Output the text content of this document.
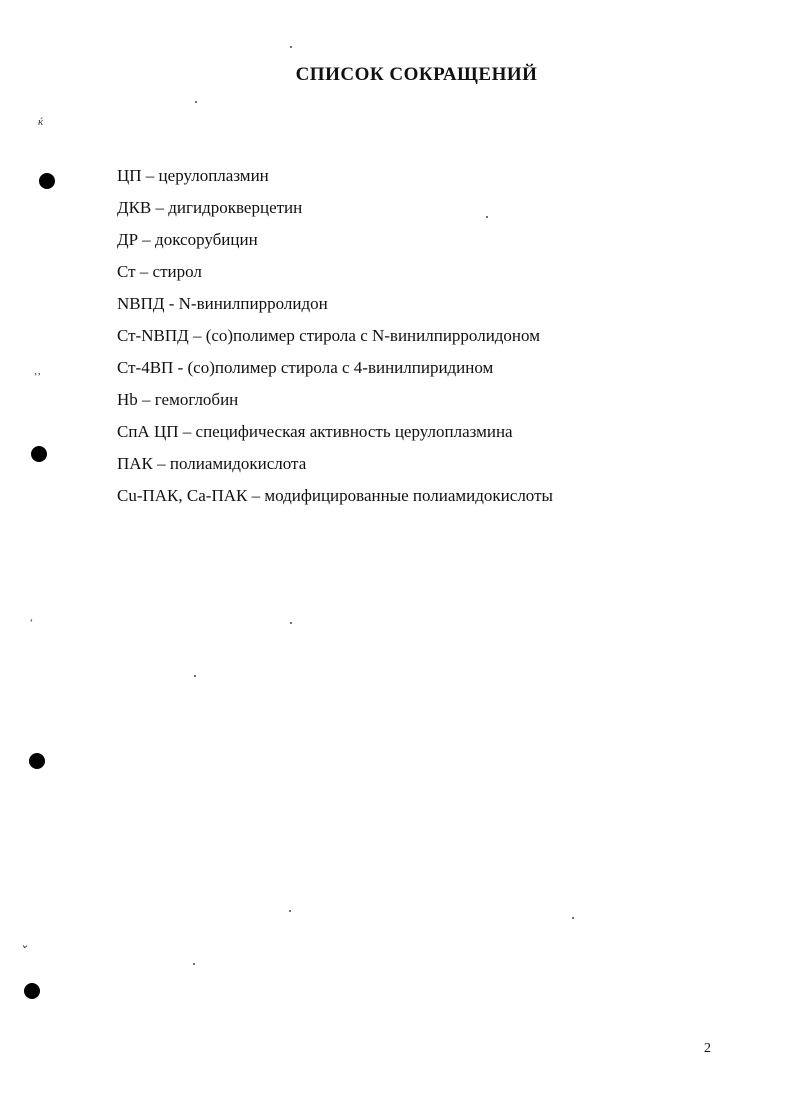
СПИСОК СОКРАЩЕНИЙ
ЦП – церулоплазмин
ДКВ – дигидрокверцетин
ДР – доксорубицин
Ст – стирол
NВПД - N-винилпирролидон
Ст-NВПД – (со)полимер стирола с N-винилпирролидоном
Ст-4ВП - (со)полимер стирола с 4-винилпиридином
Hb – гемоглобин
СпА ЦП – специфическая активность церулоплазмина
ПАК – полиамидокислота
Cu-ПАК, Ca-ПАК – модифицированные полиамидокислоты
ќ
ʼʼ
‘
⌄
2
